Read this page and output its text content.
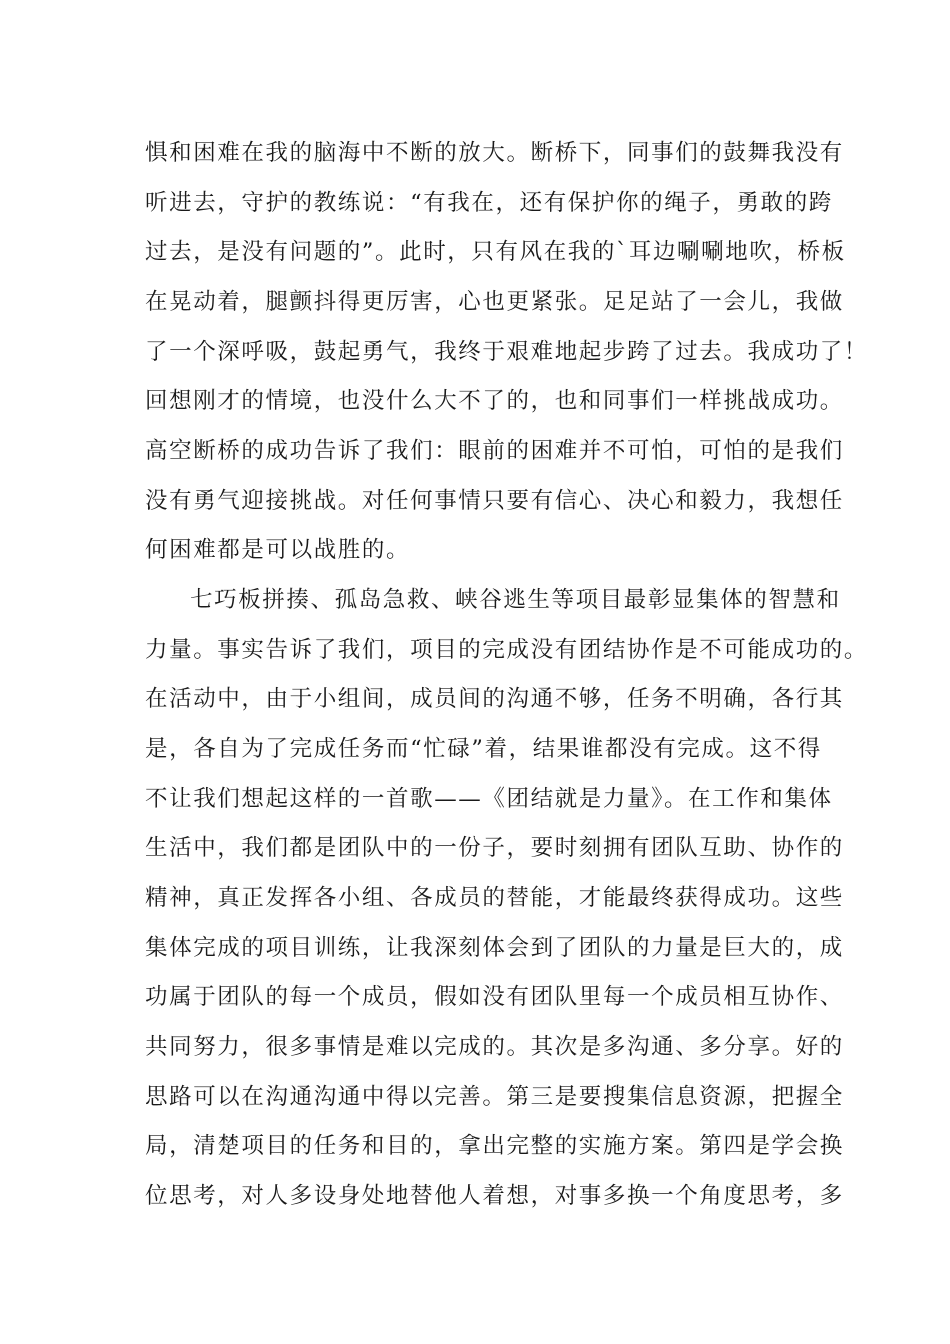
惧和困难在我的脑海中不断的放大。断桥下，同事们的鼓舞我没有
听进去，守护的教练说：“有我在，还有保护你的绳子，勇敢的跨
过去，是没有问题的”。此时，只有风在我的`耳边唰唰地吹，桥板
在晃动着，腿颤抖得更厉害，心也更紧张。足足站了一会儿，我做
了一个深呼吸，鼓起勇气，我终于艰难地起步跨了过去。我成功了！
回想刚才的情境，也没什么大不了的，也和同事们一样挑战成功。
高空断桥的成功告诉了我们：眼前的困难并不可怕，可怕的是我们
没有勇气迎接挑战。对任何事情只要有信心、决心和毅力，我想任
何困难都是可以战胜的。
七巧板拼揍、孤岛急救、峡谷逃生等项目最彰显集体的智慧和
力量。事实告诉了我们，项目的完成没有团结协作是不可能成功的。
在活动中，由于小组间，成员间的沟通不够，任务不明确，各行其
是，各自为了完成任务而“忙碌”着，结果谁都没有完成。这不得
不让我们想起这样的一首歌——《团结就是力量》。在工作和集体
生活中，我们都是团队中的一份子，要时刻拥有团队互助、协作的
精神，真正发挥各小组、各成员的替能，才能最终获得成功。这些
集体完成的项目训练，让我深刻体会到了团队的力量是巨大的，成
功属于团队的每一个成员，假如没有团队里每一个成员相互协作、
共同努力，很多事情是难以完成的。其次是多沟通、多分享。好的
思路可以在沟通沟通中得以完善。第三是要搜集信息资源，把握全
局，清楚项目的任务和目的，拿出完整的实施方案。第四是学会换
位思考，对人多设身处地替他人着想，对事多换一个角度思考，多
